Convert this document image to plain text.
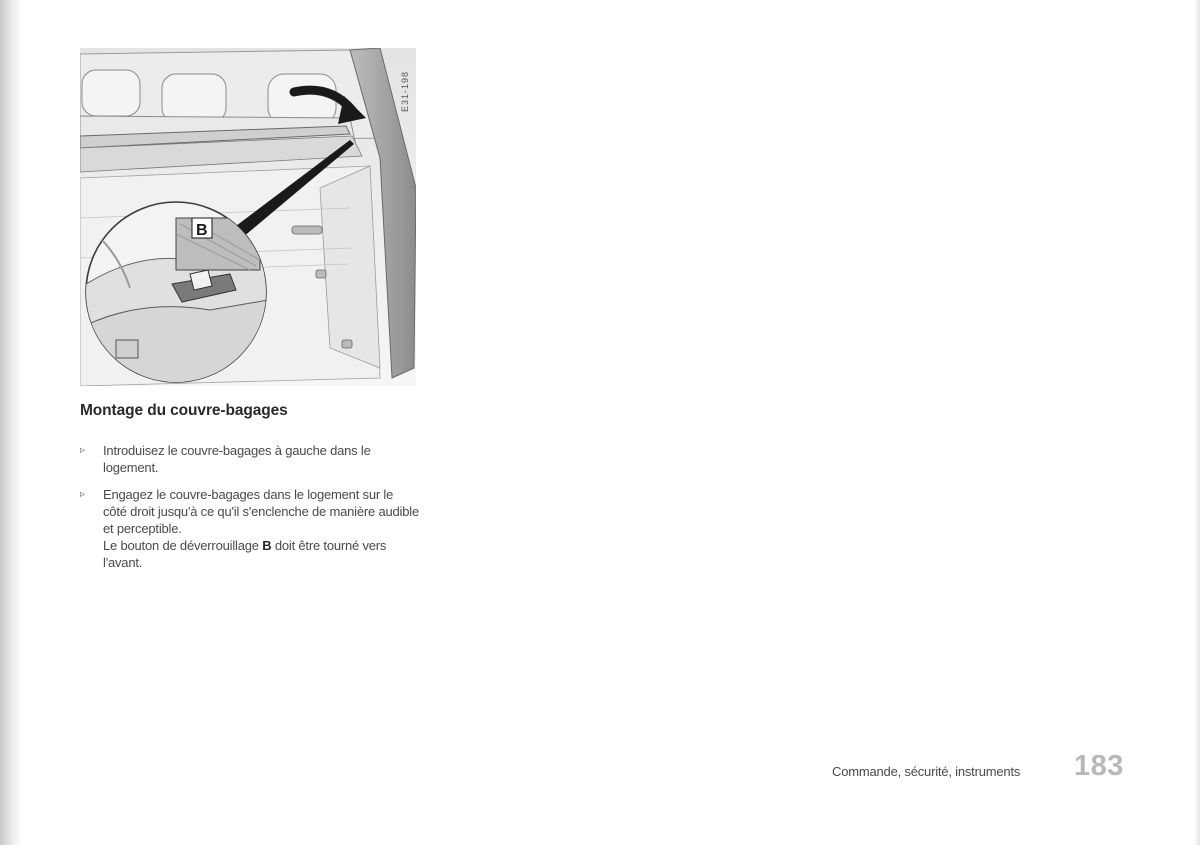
B
E31-198
Montage du couvre-bagages
▹ Introduisez le couvre-bagages à gauche dans le logement.
▹ Engagez le couvre-bagages dans le logement sur le côté droit jusqu'à ce qu'il s'enclenche de manière audible et perceptible.
Le bouton de déverrouillage B doit être tourné vers l'avant.
Commande, sécurité, instruments 183
